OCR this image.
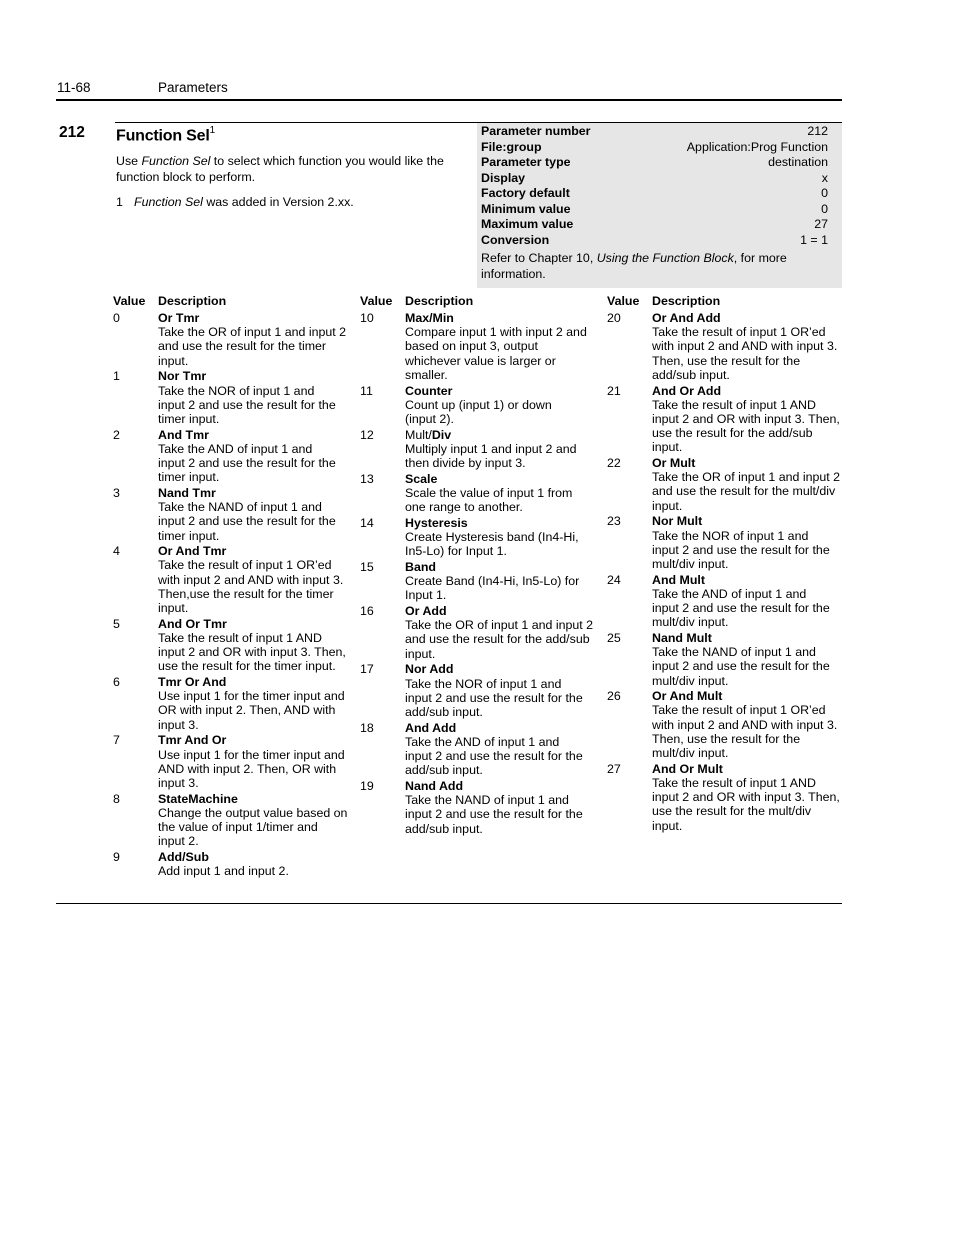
11-68	Parameters
212 Function Sel$^1$
Use Function Sel to select which function you would like the function block to perform.
1 Function Sel was added in Version 2.xx.
Parameter number	212
File:group	Application:Prog Function
Parameter type	destination
Display	x
Factory default	0
Minimum value	0
Maximum value	27
Conversion	1 = 1
Refer to Chapter 10, Using the Function Block, for more information.
Value Description	Value Description	Value Description
0	Or Tmr
Take the OR of input 1 and input 2
and use the result for the timer
input.
1	Nor Tmr
Take the NOR of input 1 and
input 2 and use the result for the
timer input.
2	And Tmr
Take the AND of input 1 and
input 2 and use the result for the
timer input.
3	Nand Tmr
Take the NAND of input 1 and
input 2 and use the result for the
timer input.
4	Or And Tmr
Take the result of input 1 OR’ed
with input 2 and AND with input 3.
Then,use the result for the timer
input.
5	And Or Tmr
Take the result of input 1 AND
input 2 and OR with input 3. Then,
use the result for the timer input.
6	Tmr Or And
Use input 1 for the timer input and
OR with input 2. Then, AND with
input 3.
7	Tmr And Or
Use input 1 for the timer input and
AND with input 2. Then, OR with
input 3.
8	StateMachine
Change the output value based on
the value of input 1/timer and
input 2.
9	Add/Sub
Add input 1 and input 2.
10	Max/Min
Compare input 1 with input 2 and
based on input 3, output
whichever value is larger or
smaller.
11	Counter
Count up (input 1) or down
(input 2).
12	Mult/Div
Multiply input 1 and input 2 and
then divide by input 3.
13	Scale
Scale the value of input 1 from
one range to another.
14	Hysteresis
Create Hysteresis band (In4-Hi,
In5-Lo) for Input 1.
15	Band
Create Band (In4-Hi, In5-Lo) for
Input 1.
16	Or Add
Take the OR of input 1 and input 2
and use the result for the add/sub
input.
17	Nor Add
Take the NOR of input 1 and
input 2 and use the result for the
add/sub input.
18	And Add
Take the AND of input 1 and
input 2 and use the result for the
add/sub input.
19	Nand Add
Take the NAND of input 1 and
input 2 and use the result for the
add/sub input.
20	Or And Add
Take the result of input 1 OR’ed
with input 2 and AND with input 3.
Then, use the result for the
add/sub input.
21	And Or Add
Take the result of input 1 AND
input 2 and OR with input 3. Then,
use the result for the add/sub
input.
22	Or Mult
Take the OR of input 1 and input 2
and use the result for the mult/div
input.
23	Nor Mult
Take the NOR of input 1 and
input 2 and use the result for the
mult/div input.
24	And Mult
Take the AND of input 1 and
input 2 and use the result for the
mult/div input.
25	Nand Mult
Take the NAND of input 1 and
input 2 and use the result for the
mult/div input.
26	Or And Mult
Take the result of input 1 OR’ed
with input 2 and AND with input 3.
Then, use the result for the
mult/div input.
27	And Or Mult
Take the result of input 1 AND
input 2 and OR with input 3. Then,
use the result for the mult/div
input.
